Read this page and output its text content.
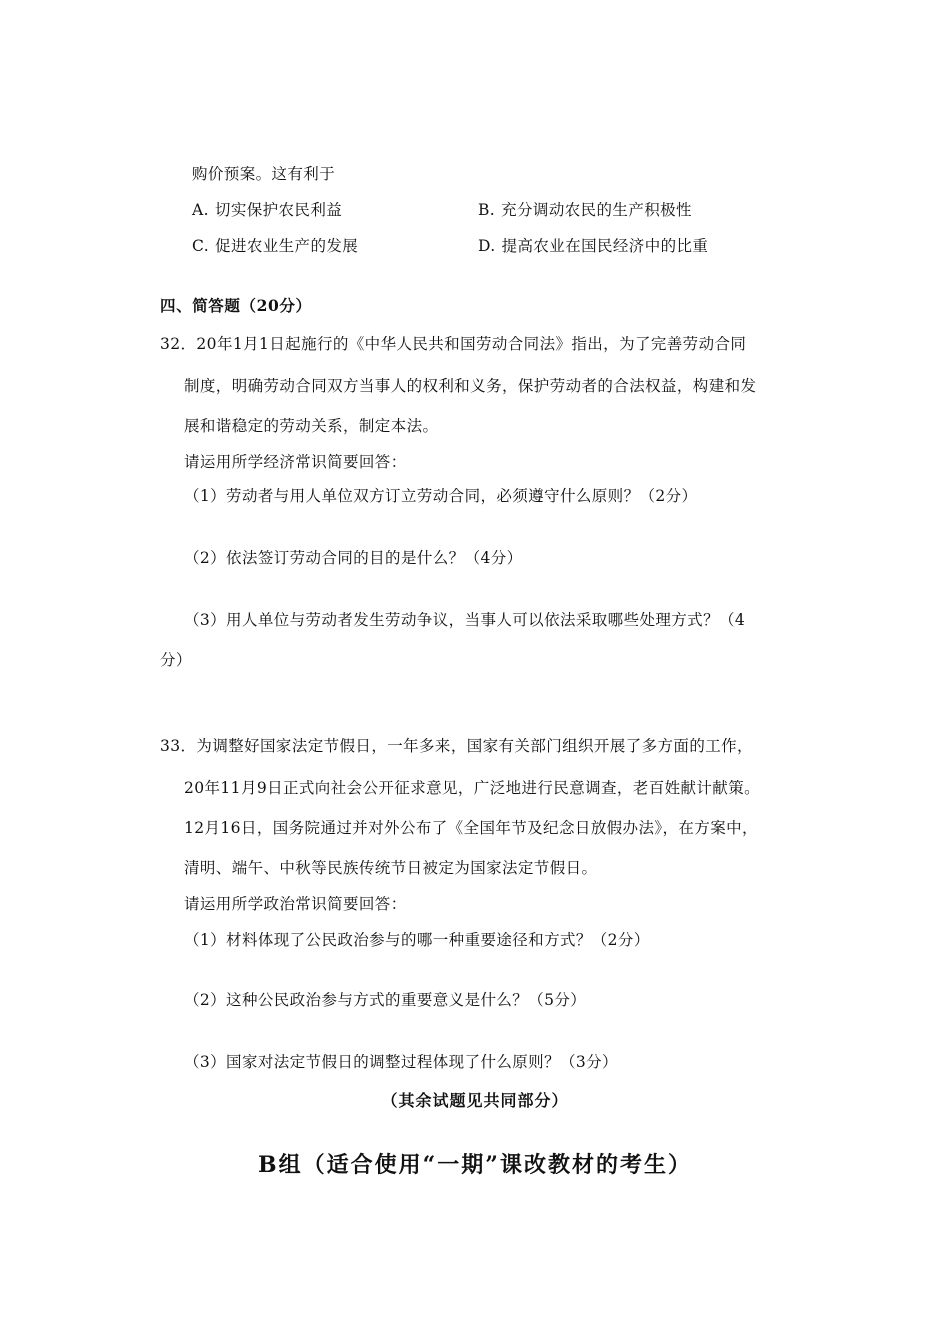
购价预案。这有利于
A. 切实保护农民利益	B. 充分调动农民的生产积极性
C. 促进农业生产的发展	D. 提高农业在国民经济中的比重
四、简答题（20分）
32．20年1月1日起施行的《中华人民共和国劳动合同法》指出，为了完善劳动合同
制度，明确劳动合同双方当事人的权利和义务，保护劳动者的合法权益，构建和发
展和谐稳定的劳动关系，制定本法。
请运用所学经济常识简要回答：
（1）劳动者与用人单位双方订立劳动合同，必须遵守什么原则？（2分）
（2）依法签订劳动合同的目的是什么？（4分）
（3）用人单位与劳动者发生劳动争议，当事人可以依法采取哪些处理方式？（4
分）
33．为调整好国家法定节假日，一年多来，国家有关部门组织开展了多方面的工作，
20年11月9日正式向社会公开征求意见，广泛地进行民意调查，老百姓献计献策。
12月16日，国务院通过并对外公布了《全国年节及纪念日放假办法》，在方案中，
清明、端午、中秋等民族传统节日被定为国家法定节假日。
请运用所学政治常识简要回答：
（1）材料体现了公民政治参与的哪一种重要途径和方式？（2分）
（2）这种公民政治参与方式的重要意义是什么？（5分）
（3）国家对法定节假日的调整过程体现了什么原则？（3分）
（其余试题见共同部分）
B组（适合使用“一期”课改教材的考生）
